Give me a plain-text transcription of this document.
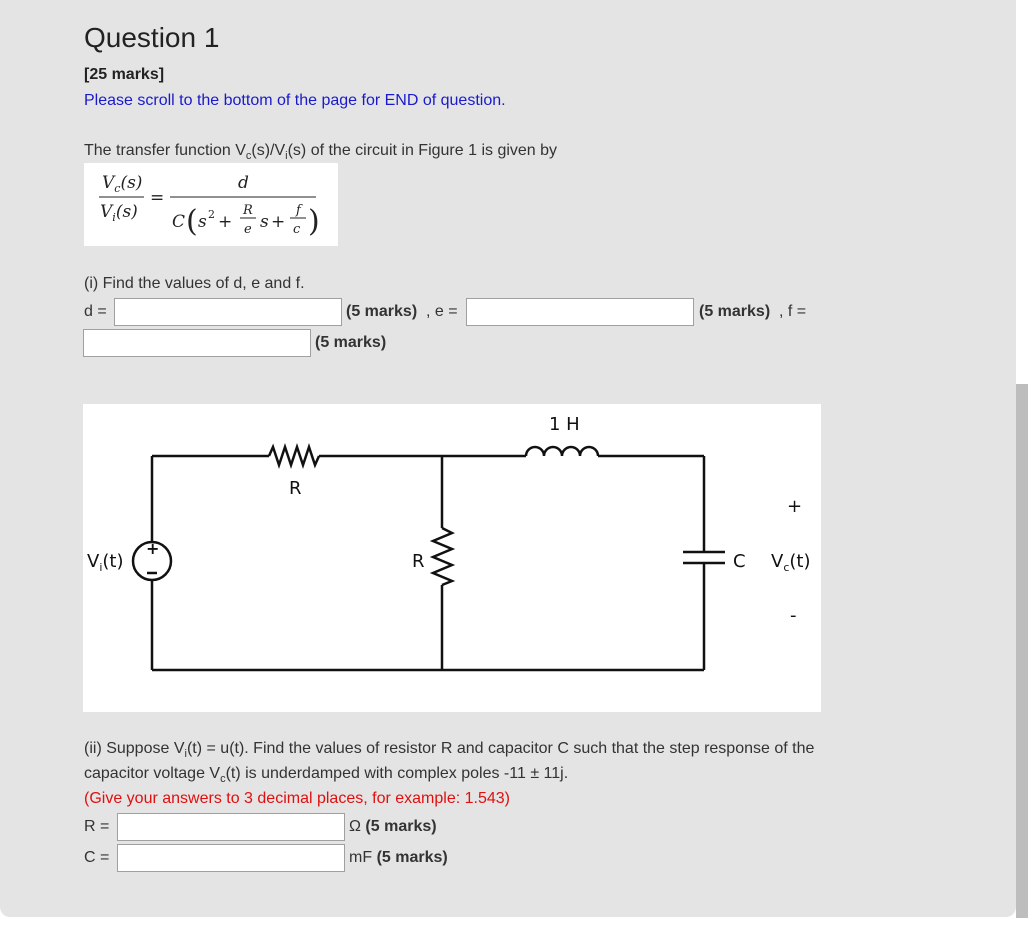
Question 1
[25 marks]
Please scroll to the bottom of the page for END of question.
The transfer function $V_c(s)/V_i(s)$ of the circuit in Figure 1 is given by
$V_c(s)$
$V_i(s)$
=
d
C ( s 2 +
R
e s +
f
c )
(i) Find the values of d, e and f.
d =	(5 marks) , e =	(5 marks) , f =
(5 marks)
+
1 H
R
R	C
$V_i(t)$	$V_c(t)$
+
-
(ii) Suppose $V_i(t) = u(t)$. Find the values of resistor R and capacitor C such that the step response of the
capacitor voltage $V_c(t)$ is underdamped with complex poles -11 ± 11j.
(Give your answers to 3 decimal places, for example: 1.543)
R =	Ω (5 marks)
C =	mF (5 marks)
